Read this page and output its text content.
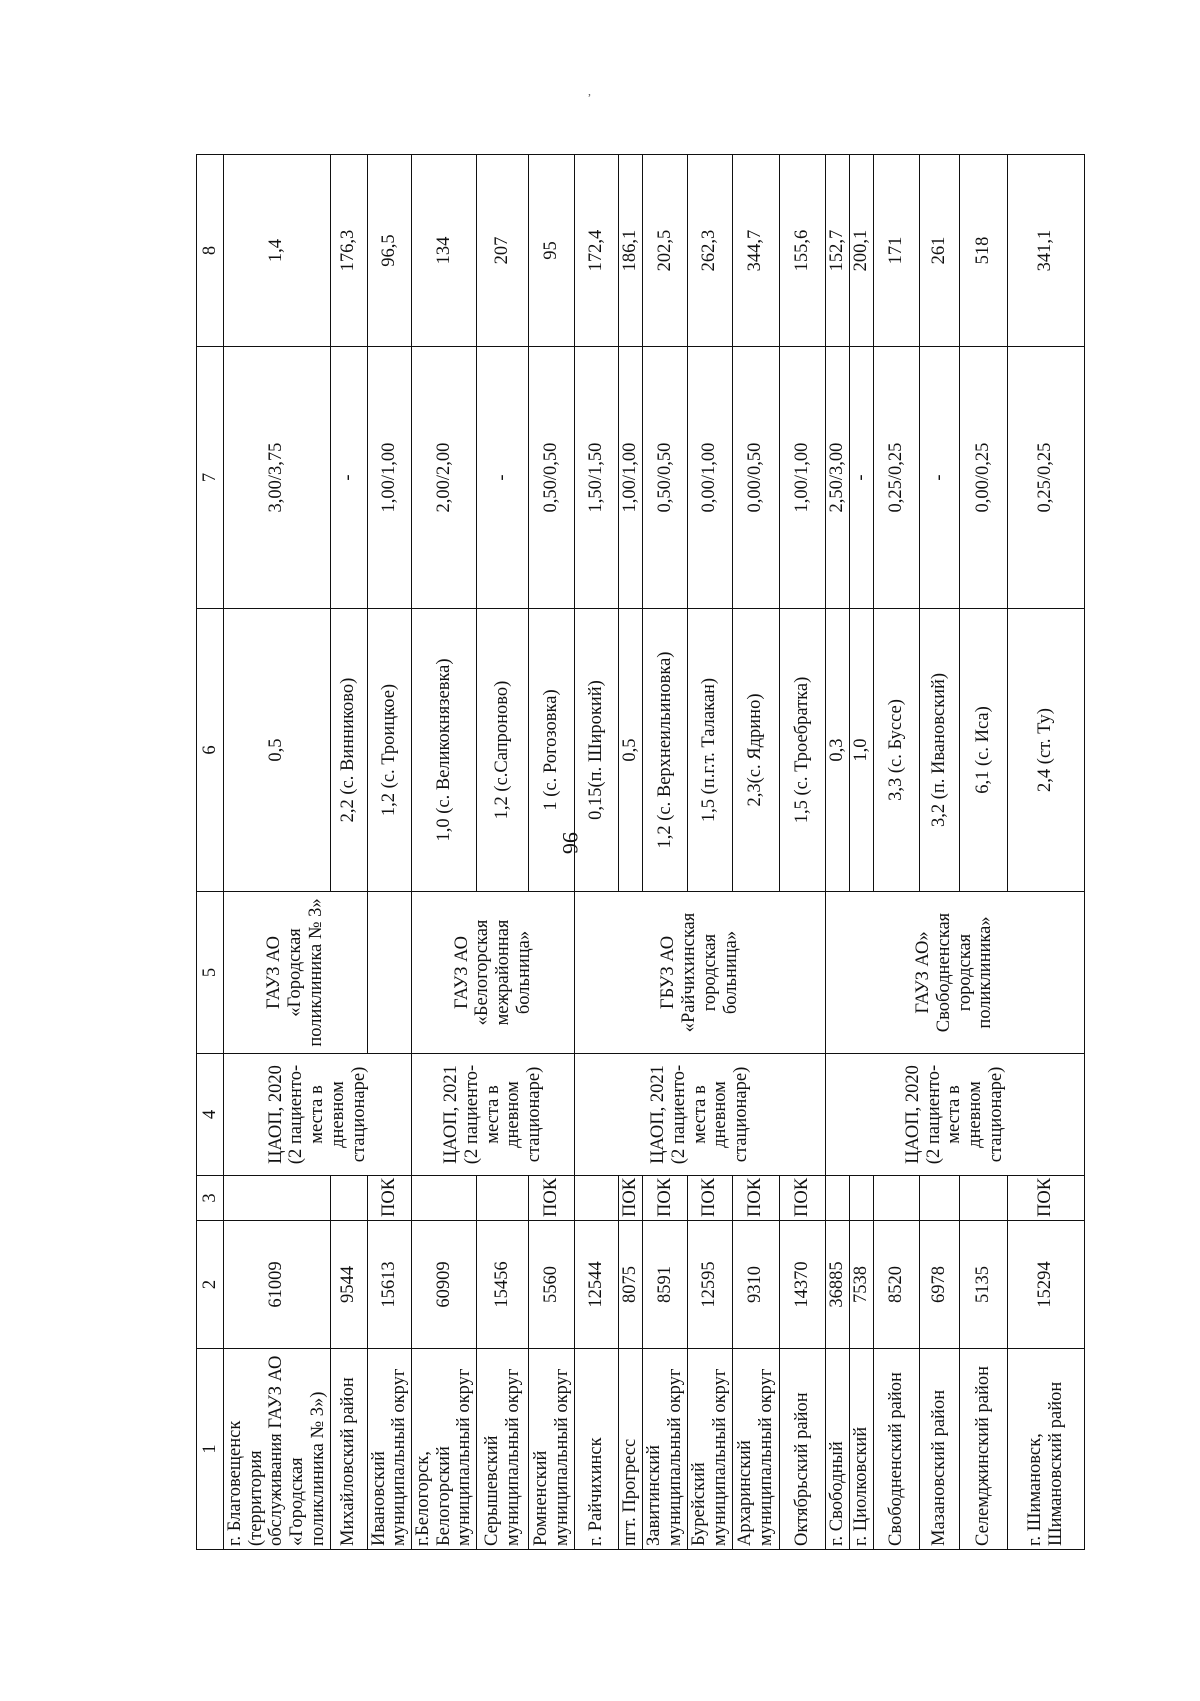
,
96
1	2	3	4	5	6	7	8
г. Благовещенск (территория обслуживания ГАУЗ АО «Городская поликлиника № 3»)	61009		ЦАОП, 2020 (2 пациенто-места в дневном стационаре)	ГАУЗ АО «Городская поликлиника № 3»	0,5	3,00/3,75	1,4
Михайловский район	9544				2,2 (с. Винниково)	-	176,3
Ивановский муниципальный округ	15613	ПОК			1,2 (с. Троицкое)	1,00/1,00	96,5
г.Белогорск, Белогорский муниципальный округ	60909		ЦАОП, 2021 (2 пациенто-места в дневном стационаре)	ГАУЗ АО «Белогорская межрайонная больница»	1,0 (с. Великокнязевка)	2,00/2,00	134
Серышевский муниципальный округ	15456				1,2 (с.Сапроново)	-	207
Ромненский муниципальный округ	5560	ПОК			1 (с. Рогозовка)	0,50/0,50	95
г. Райчихинск	12544		ЦАОП, 2021 (2 пациенто-места в дневном стационаре)	ГБУЗ АО «Райчихинская городская больница»	0,15(п. Широкий)	1,50/1,50	172,4
пгт. Прогресс	8075	ПОК			0,5	1,00/1,00	186,1
Завитинский муниципальный округ	8591	ПОК			1,2 (с. Верхнеильиновка)	0,50/0,50	202,5
Бурейский муниципальный округ	12595	ПОК			1,5 (п.г.т. Талакан)	0,00/1,00	262,3
Архаринский муниципальный округ	9310	ПОК			2,3(с. Ядрино)	0,00/0,50	344,7
Октябрьский район	14370	ПОК			1,5 (с. Троебратка)	1,00/1,00	155,6
г. Свободный	36885		ЦАОП, 2020 (2 пациенто-места в дневном стационаре)	ГАУЗ АО» Свободненская городская поликлиника»	0,3	2,50/3,00	152,7
г. Циолковский	7538				1,0	-	200,1
Свободненский район	8520				3,3 (с. Буссе)	0,25/0,25	171
Мазановский район	6978				3,2 (п. Ивановский)	-	261
Селемджинский район	5135				6,1 (с. Иса)	0,00/0,25	518
г. Шимановск, Шимановский район	15294	ПОК			2,4 (ст. Ту)	0,25/0,25	341,1
